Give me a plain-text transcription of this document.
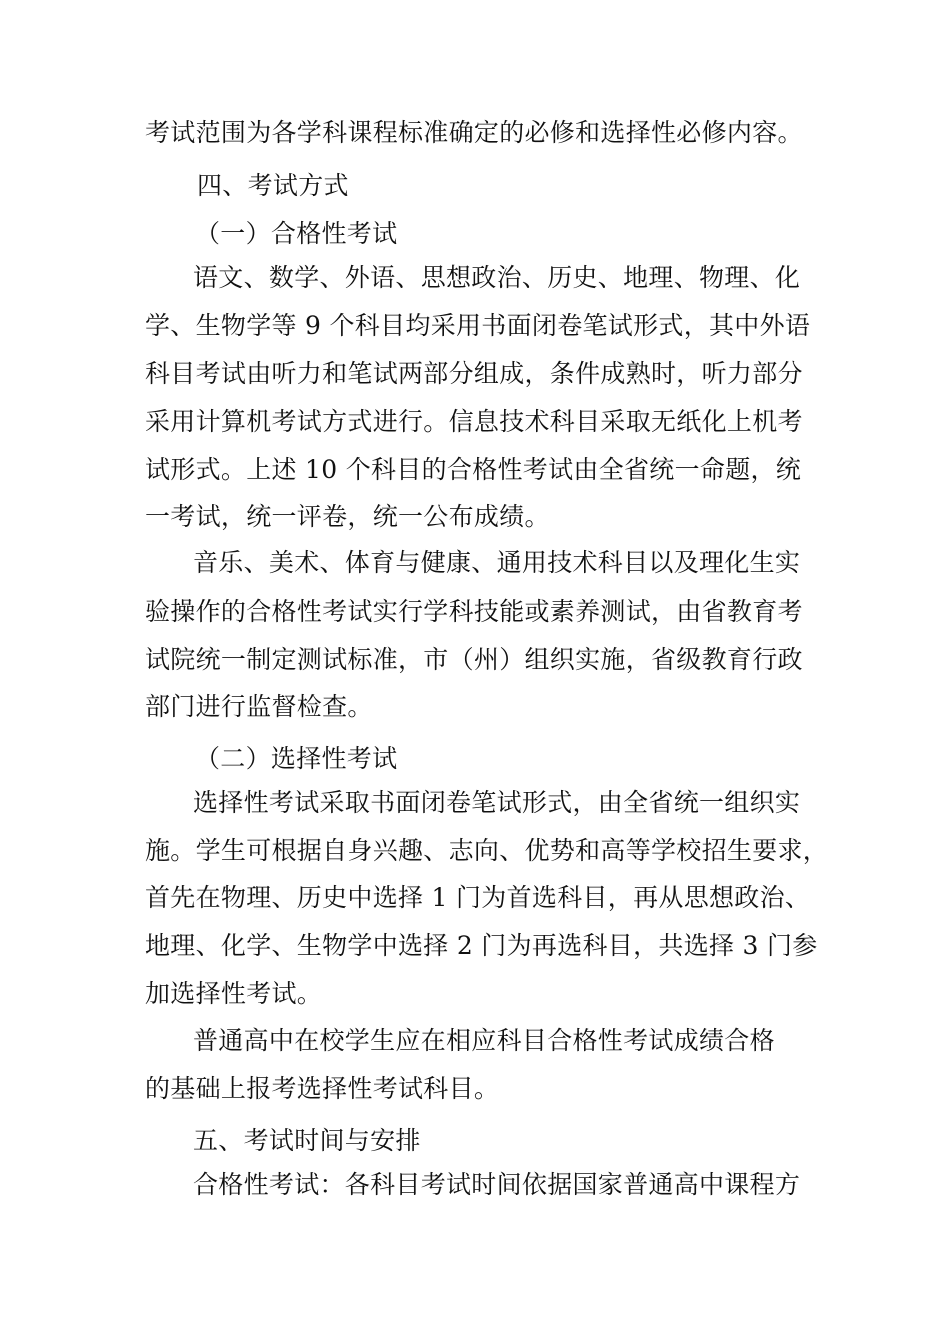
考试范围为各学科课程标准确定的必修和选择性必修内容。
四、考试方式
（一）合格性考试
语文、数学、外语、思想政治、历史、地理、物理、化
学、生物学等 9 个科目均采用书面闭卷笔试形式，其中外语
科目考试由听力和笔试两部分组成，条件成熟时，听力部分
采用计算机考试方式进行。信息技术科目采取无纸化上机考
试形式。上述 10 个科目的合格性考试由全省统一命题，统
一考试，统一评卷，统一公布成绩。
音乐、美术、体育与健康、通用技术科目以及理化生实
验操作的合格性考试实行学科技能或素养测试，由省教育考
试院统一制定测试标准，市（州）组织实施，省级教育行政
部门进行监督检查。
（二）选择性考试
选择性考试采取书面闭卷笔试形式，由全省统一组织实
施。学生可根据自身兴趣、志向、优势和高等学校招生要求，
首先在物理、历史中选择 1 门为首选科目，再从思想政治、
地理、化学、生物学中选择 2 门为再选科目，共选择 3 门参
加选择性考试。
普通高中在校学生应在相应科目合格性考试成绩合格
的基础上报考选择性考试科目。
五、考试时间与安排
合格性考试：各科目考试时间依据国家普通高中课程方
